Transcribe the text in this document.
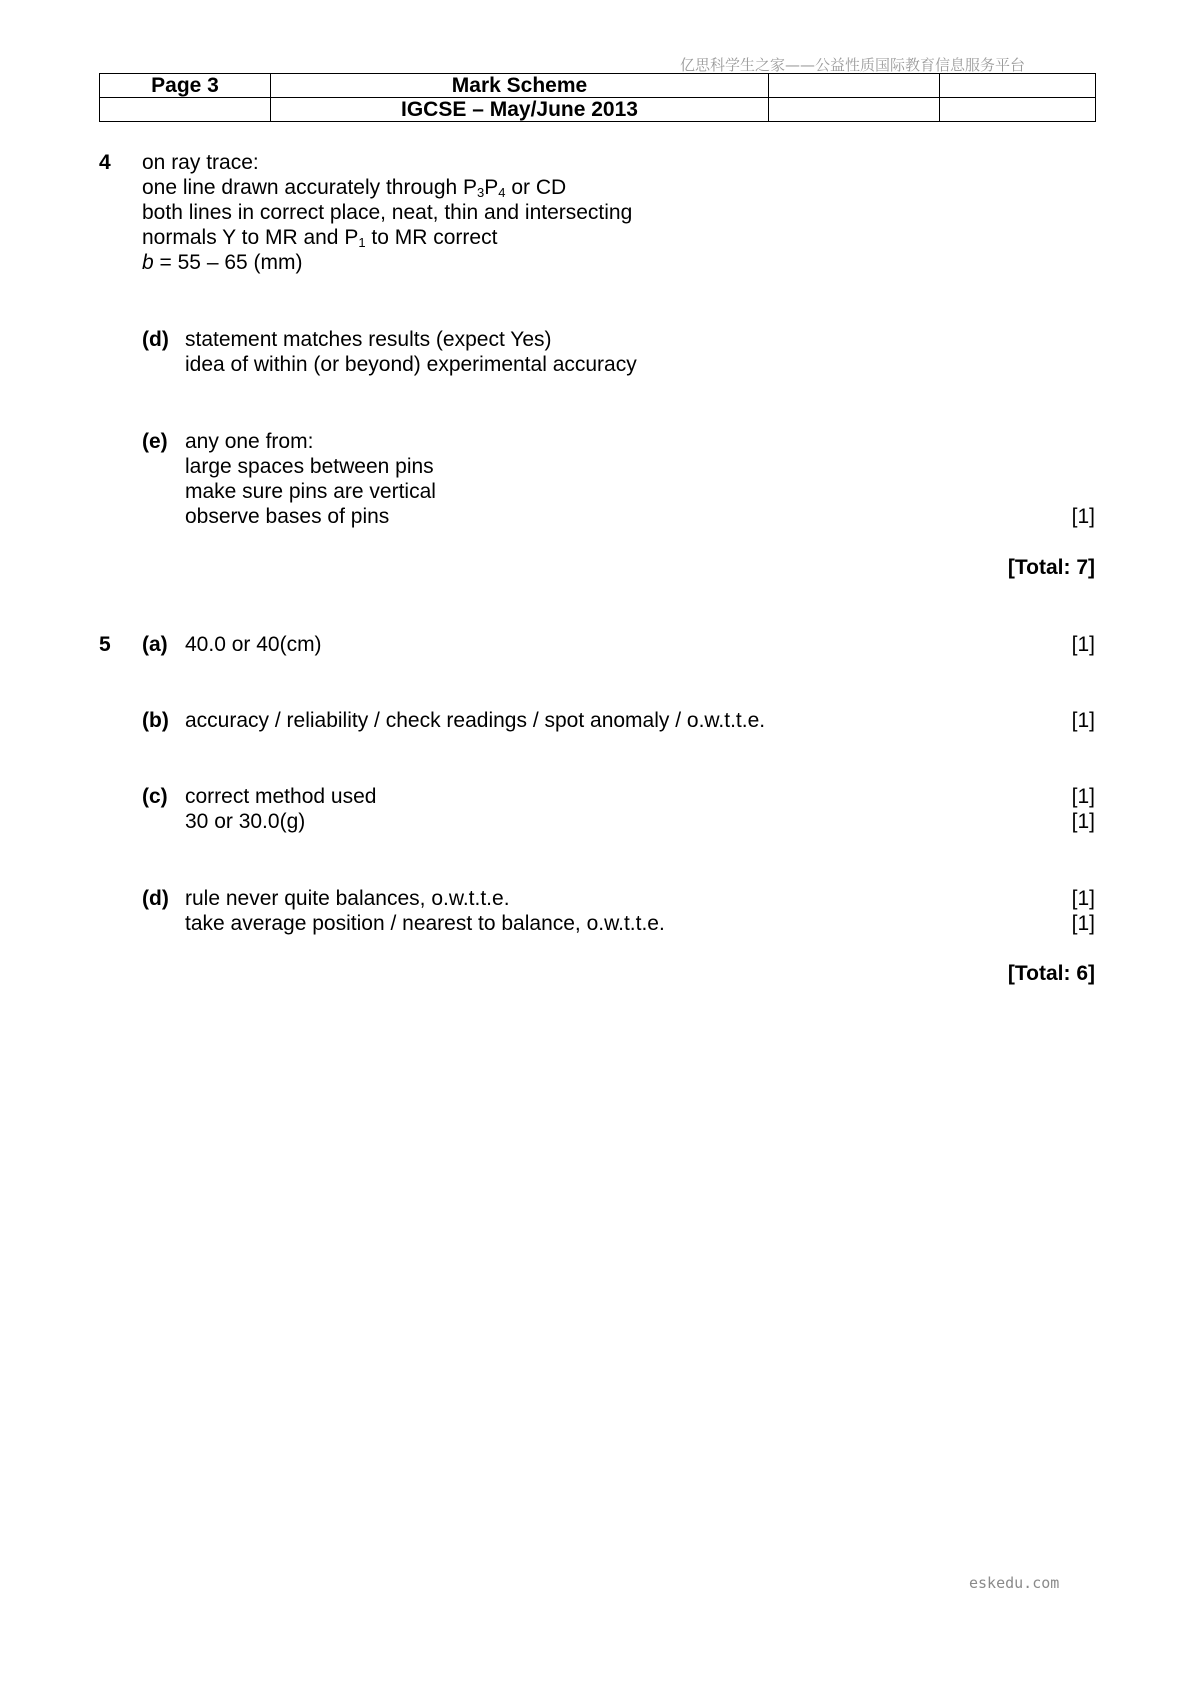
亿思科学生之家——公益性质国际教育信息服务平台
Page 3	Mark Scheme		
	IGCSE – May/June 2013		
4 on ray trace:
one line drawn accurately through $P_3P_4$ or CD
both lines in correct place, neat, thin and intersecting
normals Y to MR and $P_1$ to MR correct
b = 55 – 65 (mm)
(d) statement matches results (expect Yes)
idea of within (or beyond) experimental accuracy
(e) any one from:
large spaces between pins
make sure pins are vertical
observe bases of pins	[1]
[Total: 7]
5 (a) 40.0 or 40(cm)	[1]
(b) accuracy / reliability / check readings / spot anomaly / o.w.t.t.e.	[1]
(c) correct method used	[1]
30 or 30.0(g)	[1]
(d) rule never quite balances, o.w.t.t.e.	[1]
take average position / nearest to balance, o.w.t.t.e.	[1]
[Total: 6]
eskedu.com
